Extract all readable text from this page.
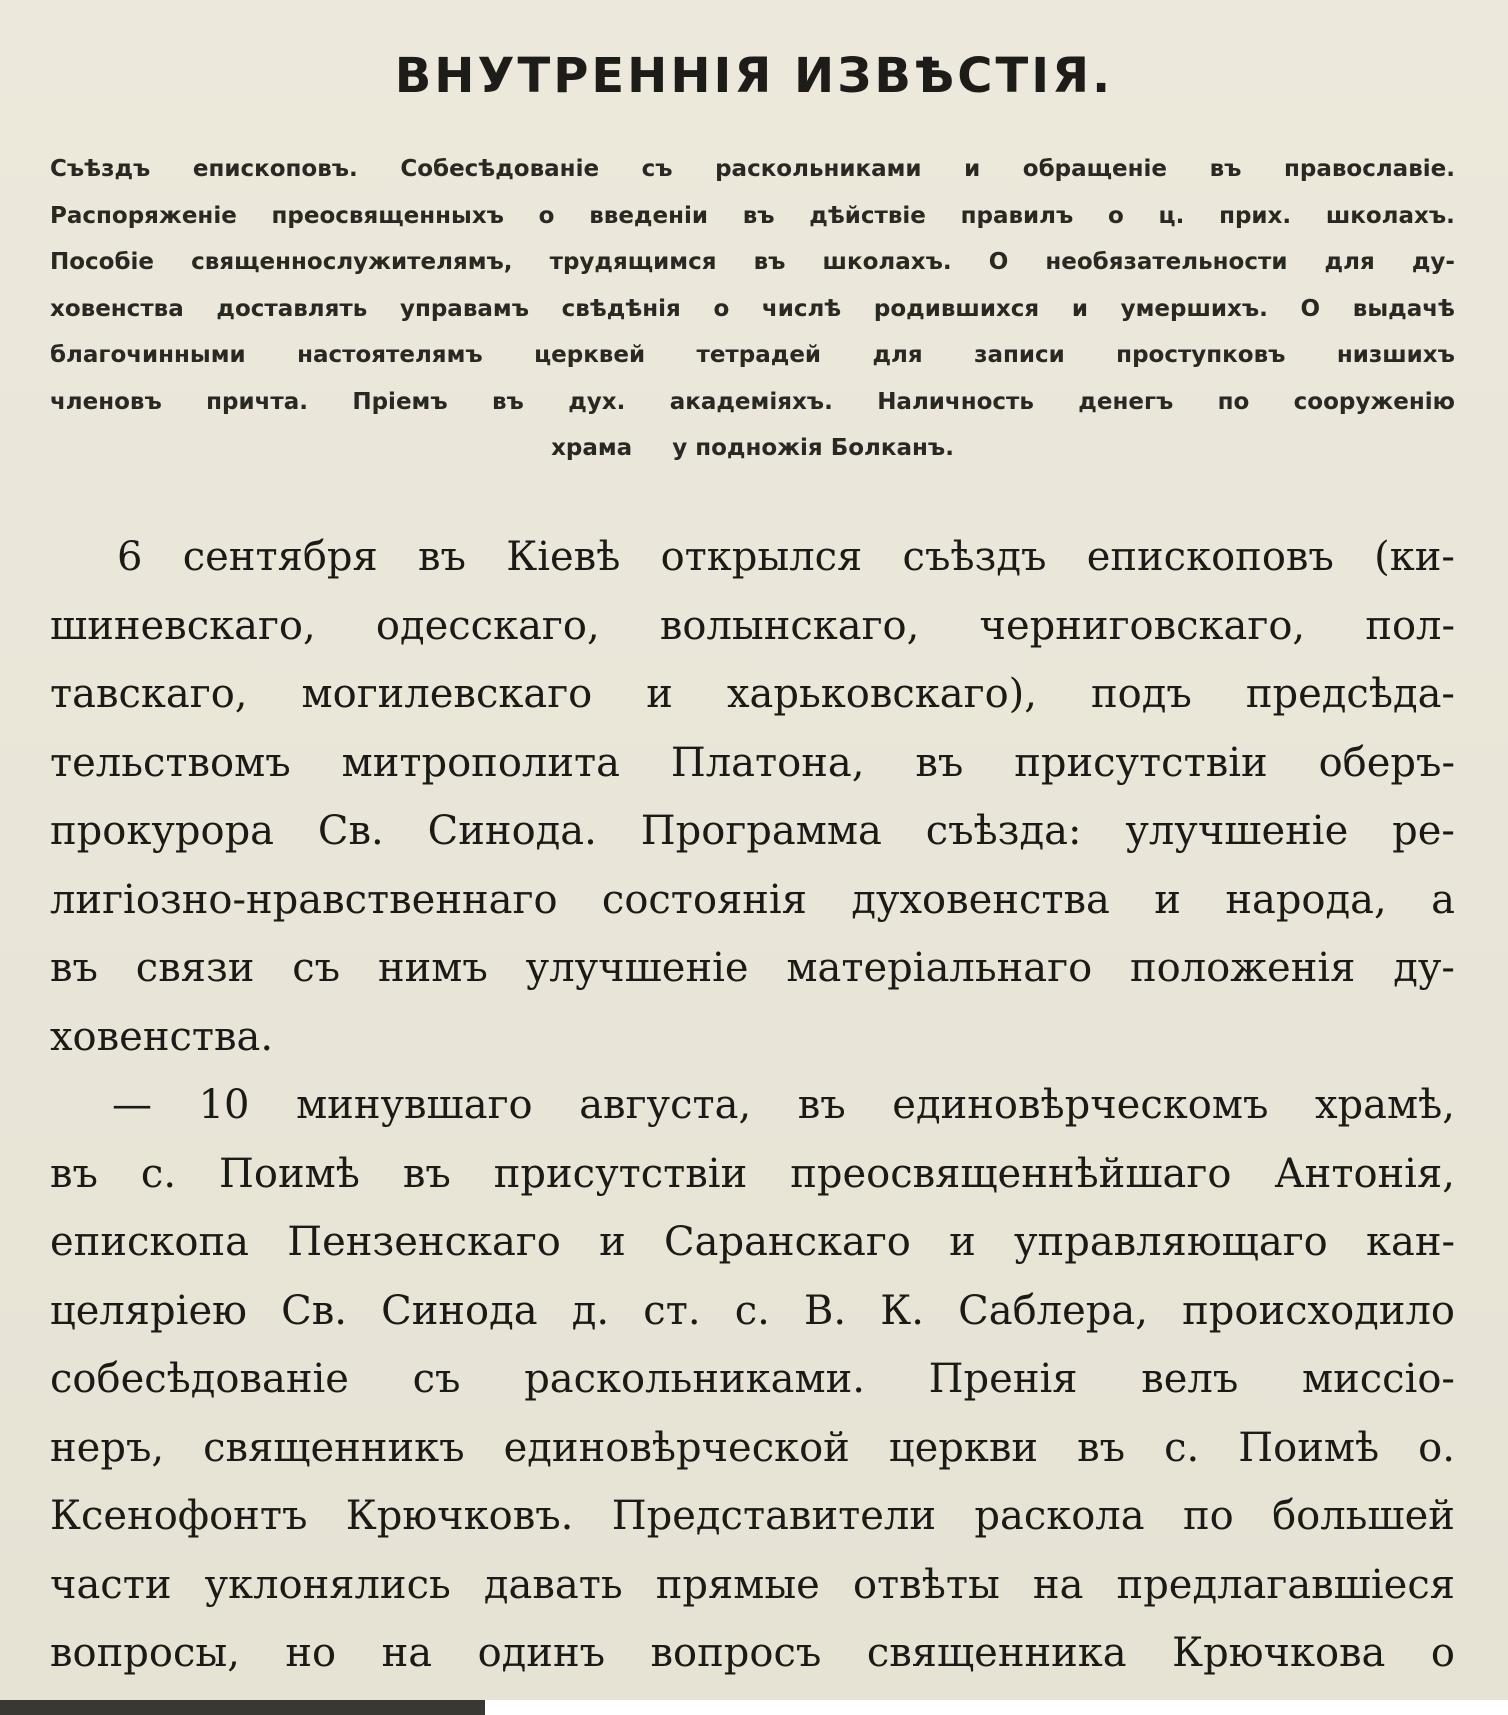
ВНУТРЕННІЯ ИЗВѢСТІЯ.
Съѣздъ епископовъ. Собесѣдованіе съ раскольниками и обращеніе въ православіе.
Распоряженіе преосвященныхъ о введеніи въ дѣйствіе правилъ о ц. прих. школахъ.
Пособіе священнослужителямъ, трудящимся въ школахъ. О необязательности для ду-
ховенства доставлять управамъ свѣдѣнія о числѣ родившихся и умершихъ. О выдачѣ
благочинными настоятелямъ церквей тетрадей для записи проступковъ низшихъ
членовъ причта. Пріемъ въ дух. академіяхъ. Наличность денегъ по сооруженію
храма у подножія Болканъ.
6 сентября въ Кіевѣ открылся съѣздъ епископовъ (ки-
шиневскаго, одесскаго, волынскаго, черниговскаго, пол-
тавскаго, могилевскаго и харьковскаго), подъ предсѣда-
тельствомъ митрополита Платона, въ присутствіи оберъ-
прокурора Св. Синода. Программа съѣзда: улучшеніе ре-
лигіозно-нравственнаго состоянія духовенства и народа, а
въ связи съ нимъ улучшеніе матеріальнаго положенія ду-
ховенства.
— 10 минувшаго августа, въ единовѣрческомъ храмѣ,
въ с. Поимѣ въ присутствіи преосвященнѣйшаго Антонія,
епископа Пензенскаго и Саранскаго и управляющаго кан-
целяріею Св. Синода д. ст. с. В. К. Саблера, происходило
собесѣдованіе съ раскольниками. Пренія велъ миссіо-
неръ, священникъ единовѣрческой церкви въ с. Поимѣ о.
Ксенофонтъ Крючковъ. Представители раскола по большей
части уклонялись давать прямые отвѣты на предлагавшіеся
вопросы, но на одинъ вопросъ священника Крючкова о
